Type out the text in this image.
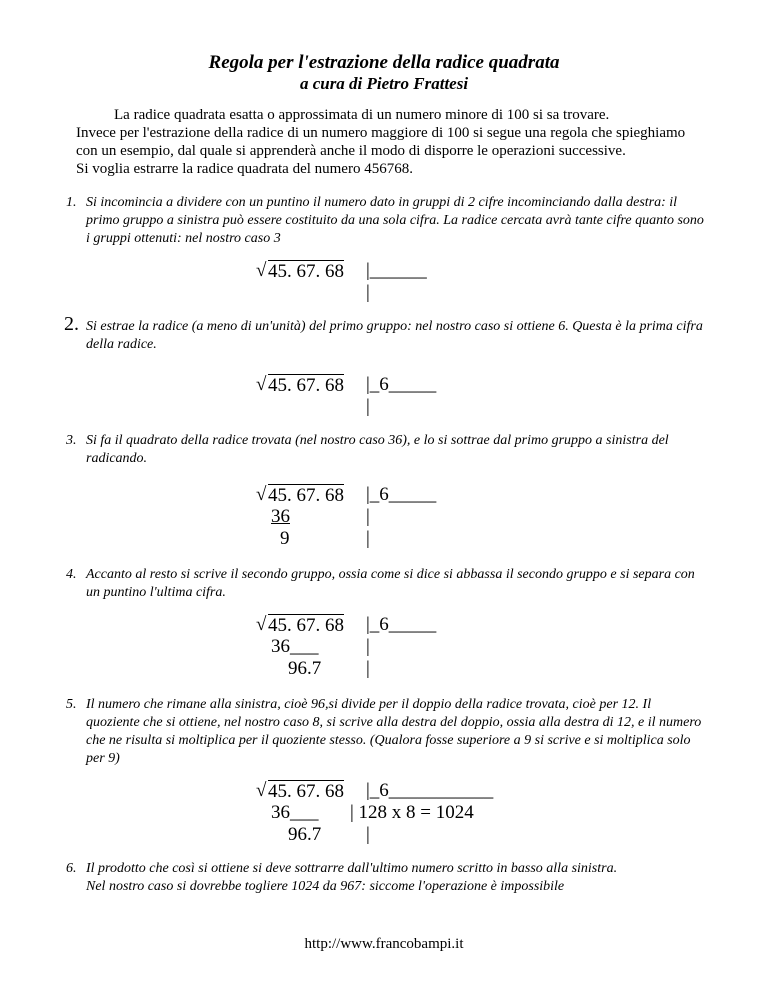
Regola per l'estrazione della radice quadrata
a cura di Pietro Frattesi
La radice quadrata esatta o approssimata di un numero minore di 100 si sa trovare.
Invece per l'estrazione della radice di un numero maggiore di 100 si segue una regola che spieghiamo
con un esempio, dal quale si apprenderà anche il modo di disporre le operazioni successive.
Si voglia estrarre la radice quadrata del numero 456768.
1. Si incomincia a dividere con un puntino il numero dato in gruppi di 2 cifre incominciando dalla destra: il primo gruppo a sinistra può essere costituito da una sola cifra. La radice cercata avrà tante cifre quanto sono i gruppi ottenuti: nel nostro caso 3
√ 45. 67. 68 |______
|
2. Si estrae la radice (a meno di un'unità) del primo gruppo: nel nostro caso si ottiene 6. Questa è la prima cifra della radice.
√ 45. 67. 68 |_6_____
|
3. Si fa il quadrato della radice trovata (nel nostro caso 36), e lo si sottrae dal primo gruppo a sinistra del radicando.
√ 45. 67. 68 |_6_____
36	|
9	|
4. Accanto al resto si scrive il secondo gruppo, ossia come si dice si abbassa il secondo gruppo e si separa con un puntino l'ultima cifra.
√ 45. 67. 68 |_6_____
36___	|
96.7 |
5. Il numero che rimane alla sinistra, cioè 96,si divide per il doppio della radice trovata, cioè per 12. Il quoziente che si ottiene, nel nostro caso 8, si scrive alla destra del doppio, ossia alla destra di 12, e il numero che ne risulta si moltiplica per il quoziente stesso. (Qualora fosse superiore a 9 si scrive e si moltiplica solo per 9)
√ 45. 67. 68 |_6___________
36___ | 128 x 8 = 1024
96.7 |
6. Il prodotto che così si ottiene si deve sottrarre dall'ultimo numero scritto in basso alla sinistra.
Nel nostro caso si dovrebbe togliere 1024 da 967: siccome l'operazione è impossibile
http://www.francobampi.it
